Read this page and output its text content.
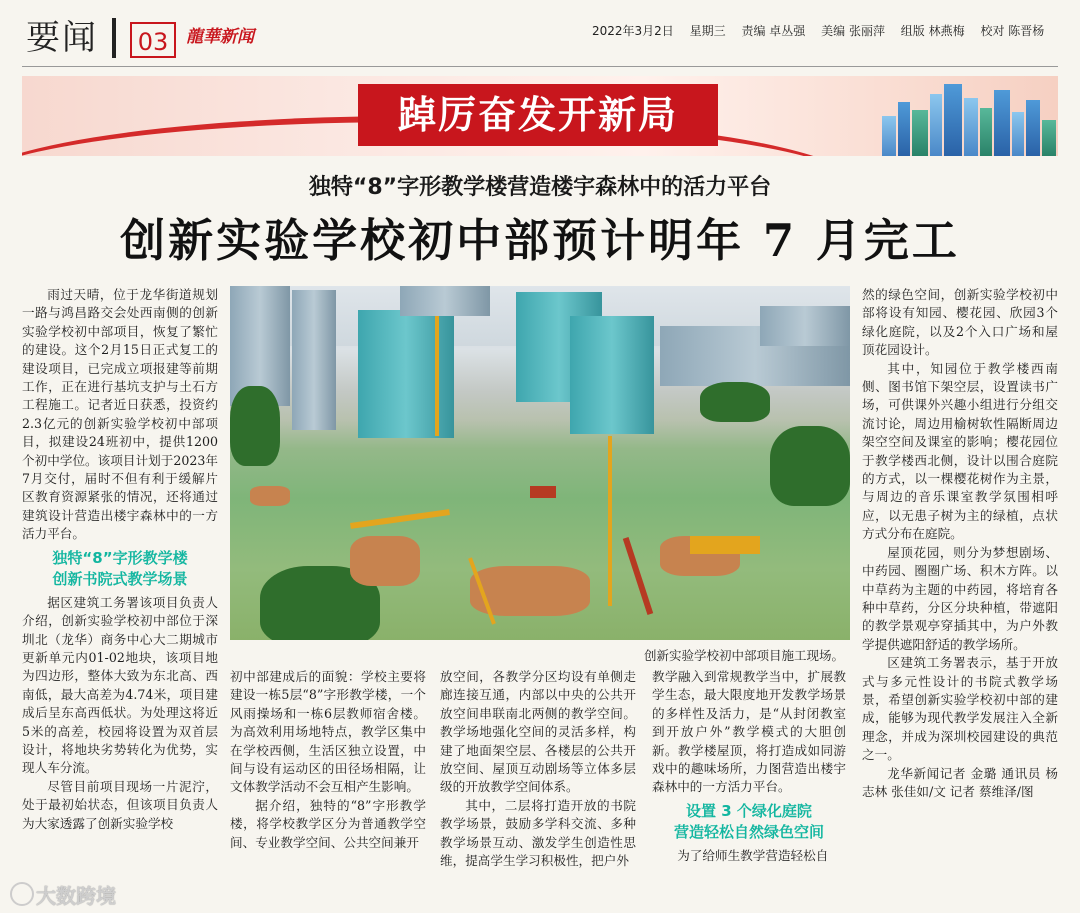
要闻	03	龍華新闻	2022年3月2日 星期三 责编 卓丛强 美编 张丽萍 组版 林燕梅 校对 陈晋杨
踔厉奋发开新局
独特“8”字形教学楼营造楼宇森林中的活力平台
创新实验学校初中部预计明年 7 月完工

雨过天晴，位于龙华街道规划一路与鸿昌路交会处西南侧的创新实验学校初中部项目，恢复了繁忙的建设。这个2月15日正式复工的建设项目，已完成立项报建等前期工作，正在进行基坑支护与土石方工程施工。记者近日获悉，投资约2.3亿元的创新实验学校初中部项目，拟建设24班初中，提供1200个初中学位。该项目计划于2023年7月交付，届时不但有利于缓解片区教育资源紧张的情况，还将通过建筑设计营造出楼宇森林中的一方活力平台。

独特“8”字形教学楼
创新书院式教学场景

据区建筑工务署该项目负责人介绍，创新实验学校初中部位于深圳北（龙华）商务中心大二期城市更新单元内01-02地块，该项目地为四边形，整体大致为东北高、西南低，最大高差为4.74米，项目建成后呈东高西低状。为处理这将近5米的高差，校园将设置为双首层设计，将地块劣势转化为优势，实现人车分流。

尽管目前项目现场一片泥泞，处于最初始状态，但该项目负责人为大家透露了创新实验学校

创新实验学校初中部项目施工现场。

初中部建成后的面貌：学校主要将建设一栋5层“8”字形教学楼，一个风雨操场和一栋6层教师宿舍楼。为高效利用场地特点，教学区集中在学校西侧，生活区独立设置，中间与设有运动区的田径场相隔，让文体教学活动不会互相产生影响。

据介绍，独特的“8”字形教学楼，将学校教学区分为普通教学空间、专业教学空间、公共空间兼开

放空间，各教学分区均设有单侧走廊连接互通，内部以中央的公共开放空间串联南北两侧的教学空间。教学场地强化空间的灵活多样，构建了地面架空层、各楼层的公共开放空间、屋顶互动剧场等立体多层级的开放教学空间体系。

其中，二层将打造开放的书院教学场景，鼓励多学科交流、多种教学场景互动、激发学生创造性思维，提高学生学习积极性，把户外

教学融入到常规教学当中，扩展教学生态，最大限度地开发教学场景的多样性及活力，是“从封闭教室到开放户外”教学模式的大胆创新。教学楼屋顶，将打造成如同游戏中的趣味场所，力图营造出楼宇森林中的一方活力平台。

设置 3 个绿化庭院
营造轻松自然绿色空间

为了给师生教学营造轻松自

然的绿色空间，创新实验学校初中部将设有知园、樱花园、欣园3个绿化庭院，以及2个入口广场和屋顶花园设计。

其中，知园位于教学楼西南侧、图书馆下架空层，设置读书广场，可供课外兴趣小组进行分组交流讨论，周边用榆树软性隔断周边架空空间及课室的影响；樱花园位于教学楼西北侧，设计以围合庭院的方式，以一棵樱花树作为主景，与周边的音乐课室教学氛围相呼应，以无患子树为主的绿植，点状方式分布在庭院。

屋顶花园，则分为梦想剧场、中药园、圈圈广场、积木方阵。以中草药为主题的中药园，将培育各种中草药，分区分块种植，带遮阳的教学景观亭穿插其中，为户外教学提供遮阳舒适的教学场所。

区建筑工务署表示，基于开放式与多元性设计的书院式教学场景，希望创新实验学校初中部的建成，能够为现代教学发展注入全新理念，并成为深圳校园建设的典范之一。

龙华新闻记者 金璐 通讯员 杨志林 张佳如/文 记者 蔡维泽/图

大数跨境
